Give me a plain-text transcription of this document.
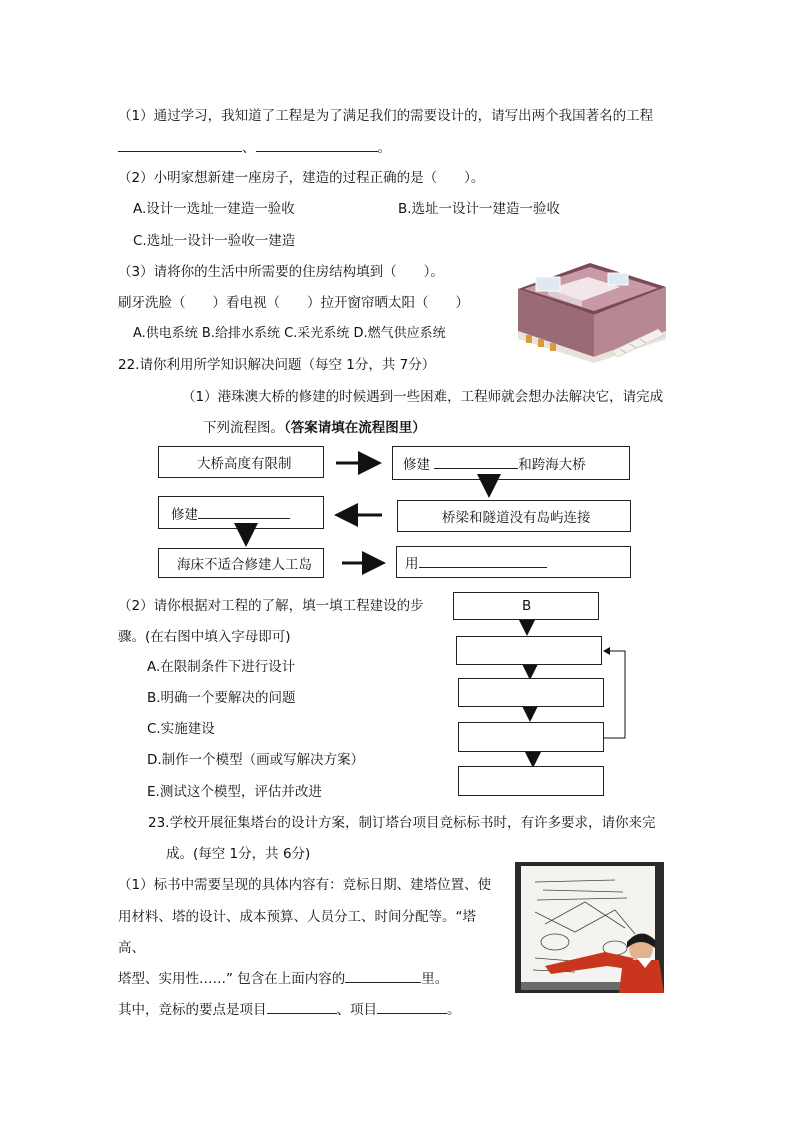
（1）通过学习，我知道了工程是为了满足我们的需要设计的，请写出两个我国著名的工程
、	。
（2）小明家想新建一座房子，建造的过程正确的是（　　）。
A.设计一选址一建造一验收	B.选址一设计一建造一验收
C.选址一设计一验收一建造
（3）请将你的生活中所需要的住房结构填到（　　）。
刷牙洗脸（　　）看电视（　　）拉开窗帘晒太阳（　　）
A.供电系统 B.给排水系统 C.采光系统 D.燃气供应系统
22.请你利用所学知识解决问题（每空 1分，共 7分）
（1）港珠澳大桥的修建的时候遇到一些困难，工程师就会想办法解决它，请完成
下列流程图。（答案请填在流程图里）
大桥高度有限制	修建	和跨海大桥
桥梁和隧道没有岛屿连接
修建
海床不适合修建人工岛	用
（2）请你根据对工程的了解，填一填工程建设的步
骤。(在右图中填入字母即可)
A.在限制条件下进行设计
B.明确一个要解决的问题
C.实施建设
D.制作一个模型（画或写解决方案）
E.测试这个模型，评估并改进
B
23.学校开展征集塔台的设计方案，制订塔台项目竞标标书时，有许多要求，请你来完
成。(每空 1分，共 6分)
（1）标书中需要呈现的具体内容有：竞标日期、建塔位置、使
用材料、塔的设计、成本预算、人员分工、时间分配等。“塔
高、
塔型、实用性……” 包含在上面内容的	里。
其中，竞标的要点是项目	、项目	。
